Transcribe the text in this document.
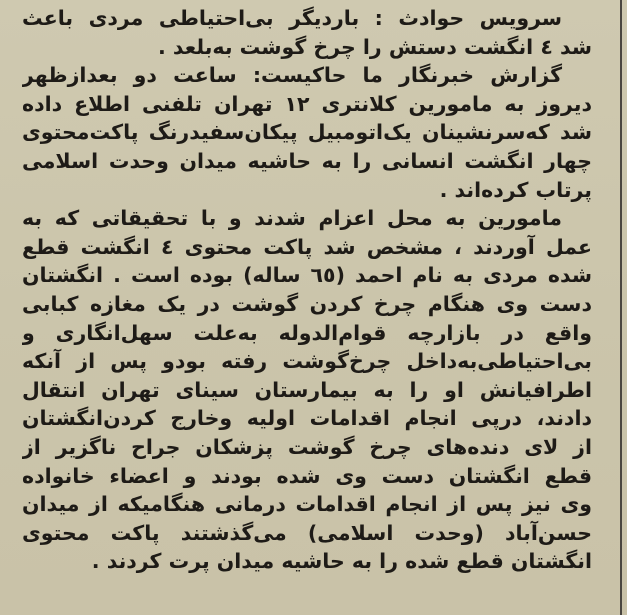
سرویس حوادث : باردیگر بی‌احتیاطی مردی باعث
شد ٤ انگشت دستش را چرخ گوشت به‌بلعد .
گزارش خبرنگار ما حاکیست: ساعت دو بعدازظهر
دیروز به مامورین کلانتری ۱۲ تهران تلفنی اطلاع داده
شد که‌سرنشینان یک‌اتومبیل پیکان‌سفیدرنگ پاکت‌محتوی
چهار انگشت انسانی را به حاشیه میدان وحدت اسلامی
پرتاب کرده‌اند .
مامورین به محل اعزام شدند و با تحقیقاتی که به
عمل آوردند ، مشخص شد پاکت محتوی ٤ انگشت قطع
شده مردی به نام احمد (٦٥ ساله) بوده است . انگشتان
دست وی هنگام چرخ کردن گوشت در یک مغازه کبابی
واقع در بازارچه قوام‌الدوله به‌علت سهل‌انگاری و
بی‌احتیاطی‌به‌داخل چرخ‌گوشت رفته بودو پس از آنکه
اطرافیانش او را به بیمارستان سینای تهران انتقال
دادند، درپی انجام اقدامات اولیه وخارج کردن‌انگشتان
از لای دنده‌های چرخ گوشت پزشکان جراح ناگزیر از
قطع انگشتان دست وی شده بودند و اعضاء خانواده
وی نیز پس از انجام اقدامات درمانی هنگامیکه از میدان
حسن‌آباد (وحدت اسلامی) می‌گذشتند پاکت محتوی
انگشتان قطع شده را به حاشیه میدان پرت کردند .
